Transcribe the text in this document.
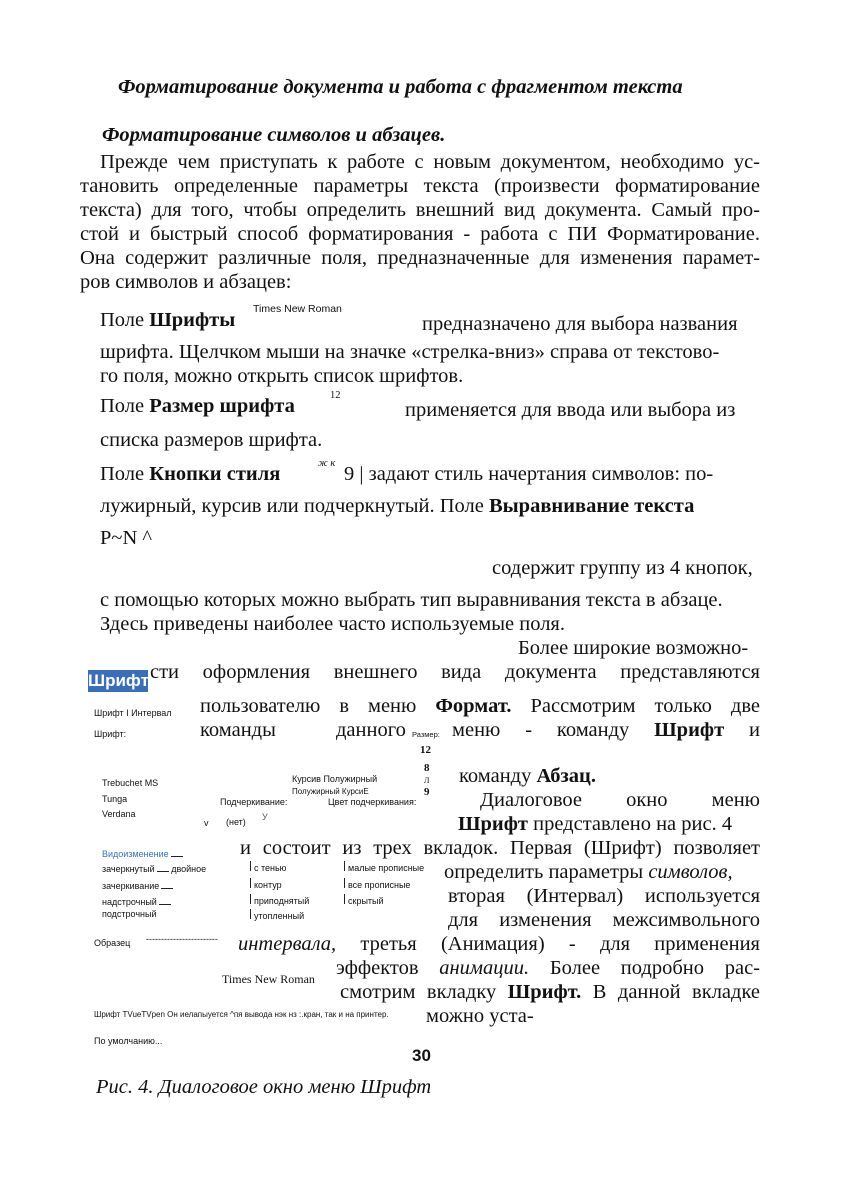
Форматирование документа и работа с фрагментом текста
Форматирование символов и абзацев.
Прежде чем приступать к работе с новым документом, необходимо ус-
тановить определенные параметры текста (произвести форматирование
текста) для того, чтобы определить внешний вид документа. Самый про-
стой и быстрый способ форматирования - работа с ПИ Форматирование.
Она содержит различные поля, предназначенные для изменения парамет-
ров символов и абзацев:
Поле Шрифты Times New Roman
предназначено для выбора названия
шрифта. Щелчком мыши на значке «стрелка-вниз» справа от текстово-
го поля, можно открыть список шрифтов.
Поле Размер шрифта	12
применяется для ввода или выбора из
списка размеров шрифта.
Поле Кнопки стиля	ж к 9 | задают стиль начертания символов: по-
лужирный, курсив или подчеркнутый. Поле Выравнивание текста
P~N ^
содержит группу из 4 кнопок,
с помощью которых можно выбрать тип выравнивания текста в абзаце.
Здесь приведены наиболее часто используемые поля.
Более широкие возможно-
сти оформления внешнего вида документа представляются
пользователю в меню Формат. Рассмотрим только две
команды	данного меню - команду Шрифт и
команду Абзац.
Диалоговое окно меню
Шрифт представлено на рис. 4
и состоит из трех вкладок. Первая (Шрифт) позволяет
определить параметры символов,
вторая (Интервал) используется
для изменения межсимвольного
интервала, третья (Анимация) - для применения
эффектов анимации. Более подробно рас-
смотрим вкладку Шрифт. В данной вкладке
можно уста-
Шрифт
Шрифт I Интервал
Шрифт:	Размер:
12
8
Л
9
Trebuchet MS
Tunga
Verdana
Курсив Полужирный
Полужирный КурсиЕ
Подчеркивание:	Цвет подчеркивания:
v (нет) У
Видоизменение
зачеркнутый двойное
зачеркивание
надстрочный
подстрочный
с тенью
контур
приподнятый
утопленный
малые прописные
все прописные
скрытый
Образец ------------------------
Times New Roman
Шрифт TVueTVpen Он иелапыуется ^пя вывода нэк нз :.кран, так и на принтер.
По умолчанию...
30
Рис. 4. Диалоговое окно меню Шрифт
